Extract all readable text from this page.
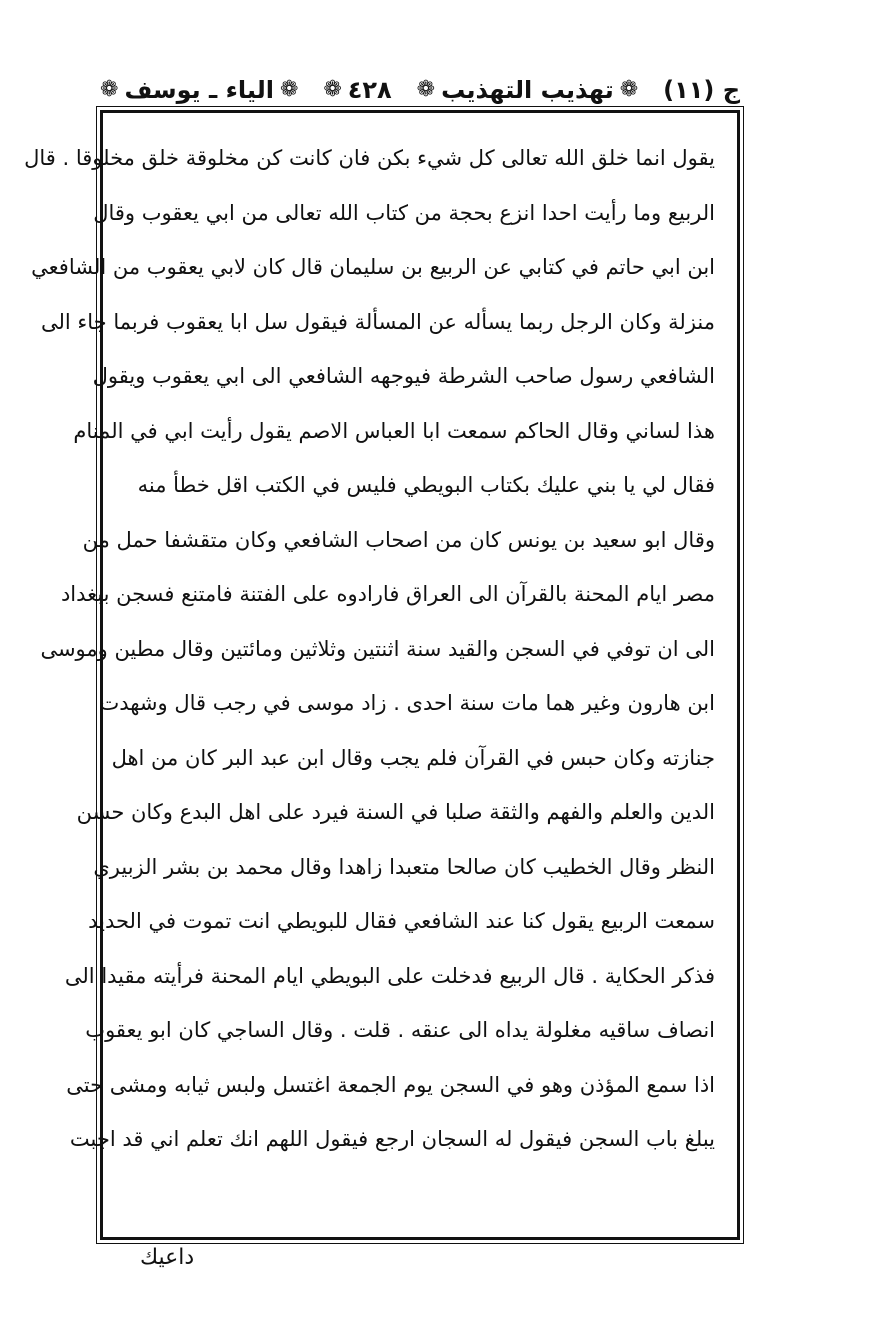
ج (١١)
❁
تهذيب التهذيب
❁
٤٢٨
❁
❁
الياء ـ يوسف
❁
يقول انما خلق الله تعالى كل شيء بكن فان كانت كن مخلوقة خلق مخلوقا . قال
الربيع وما رأيت احدا انزع بحجة من كتاب الله تعالى من ابي يعقوب وقال
ابن ابي حاتم في كتابي عن الربيع بن سليمان قال كان لابي يعقوب من الشافعي
منزلة وكان الرجل ربما يسأله عن المسألة فيقول سل ابا يعقوب فربما جاء الى
الشافعي رسول صاحب الشرطة فيوجهه الشافعي الى ابي يعقوب ويقول
هذا لساني وقال الحاكم سمعت ابا العباس الاصم يقول رأيت ابي في المنام
فقال لي يا بني عليك بكتاب البويطي فليس في الكتب اقل خطأ منه
وقال ابو سعيد بن يونس كان من اصحاب الشافعي وكان متقشفا حمل من
مصر ايام المحنة بالقرآن الى العراق فارادوه على الفتنة فامتنع فسجن ببغداد
الى ان توفي في السجن والقيد سنة اثنتين وثلاثين ومائتين وقال مطين وموسى
ابن هارون وغير هما مات سنة احدى . زاد موسى في رجب قال وشهدت
جنازته وكان حبس في القرآن فلم يجب وقال ابن عبد البر كان من اهل
الدين والعلم والفهم والثقة صلبا في السنة فيرد على اهل البدع وكان حسن
النظر وقال الخطيب كان صالحا متعبدا زاهدا وقال محمد بن بشر الزبيري
سمعت الربيع يقول كنا عند الشافعي فقال للبويطي انت تموت في الحديد
فذكر الحكاية . قال الربيع فدخلت على البويطي ايام المحنة فرأيته مقيدا الى
انصاف ساقيه مغلولة يداه الى عنقه . قلت . وقال الساجي كان ابو يعقوب
اذا سمع المؤذن وهو في السجن يوم الجمعة اغتسل ولبس ثيابه ومشى حتى
يبلغ باب السجن فيقول له السجان ارجع فيقول اللهم انك تعلم اني قد اجبت
داعيك
